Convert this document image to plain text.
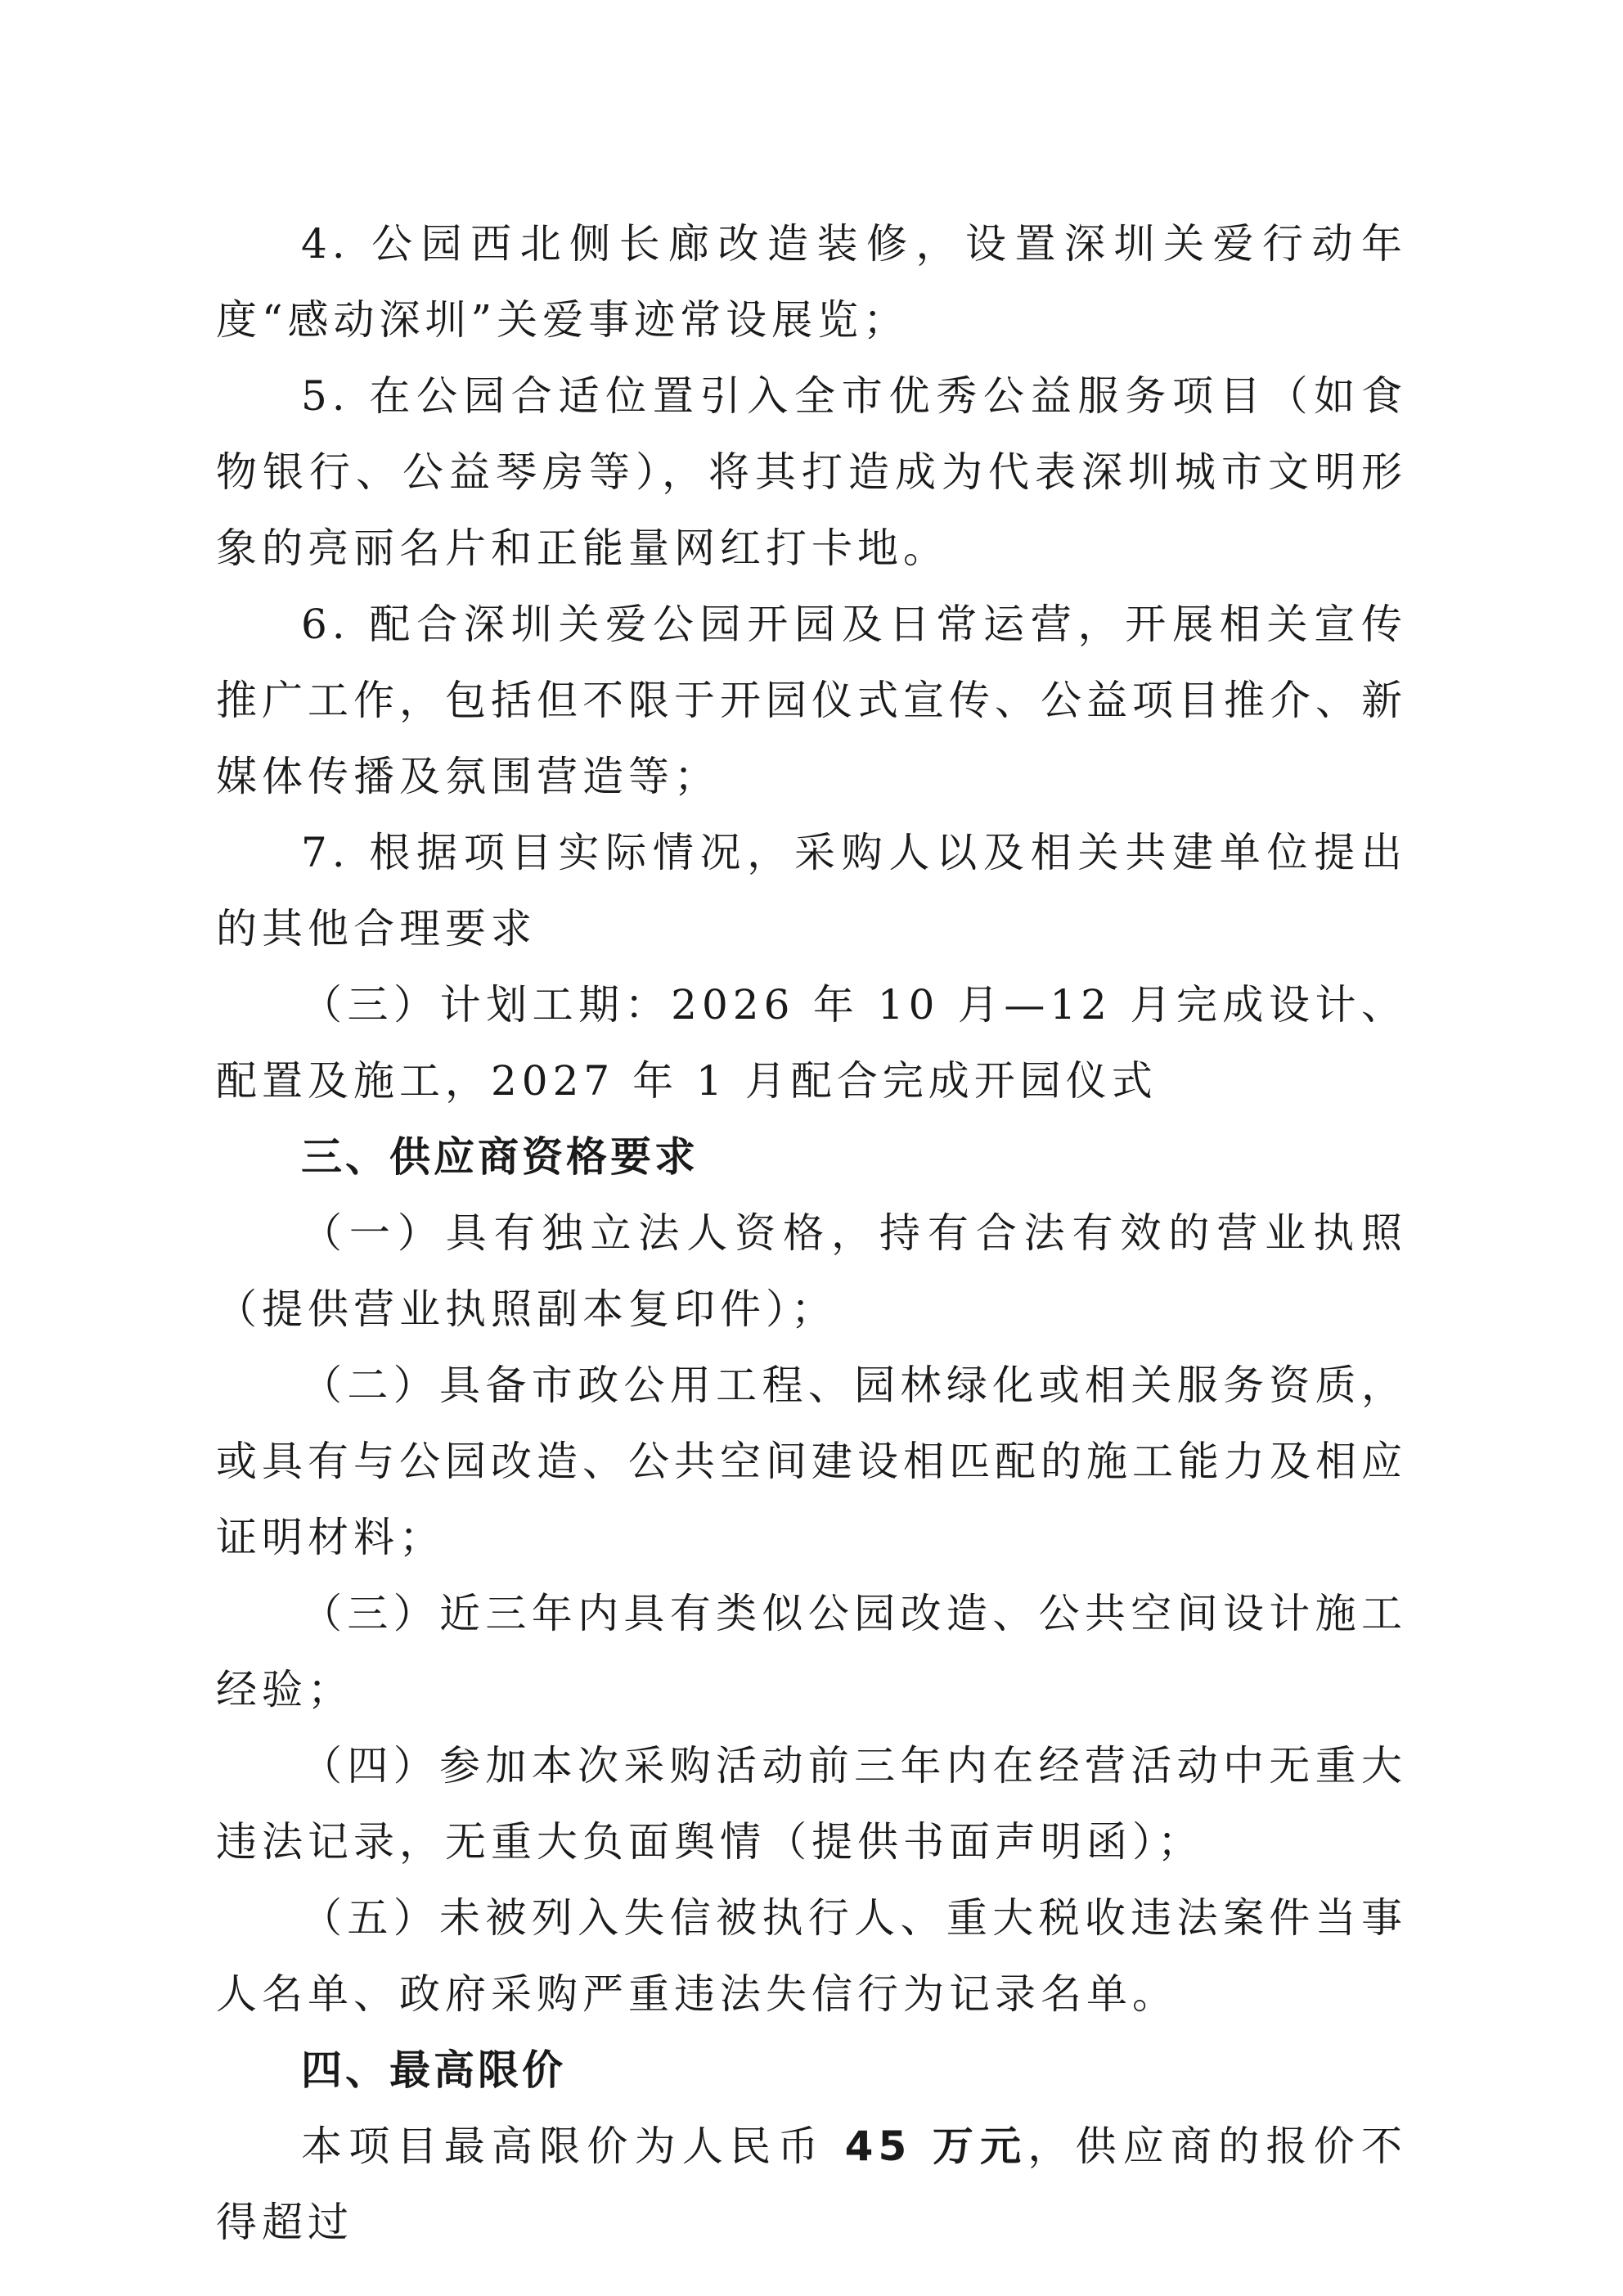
4. 公园西北侧长廊改造装修，设置深圳关爱行动年度“感动深圳”关爱事迹常设展览；

5. 在公园合适位置引入全市优秀公益服务项目（如食物银行、公益琴房等），将其打造成为代表深圳城市文明形象的亮丽名片和正能量网红打卡地。

6. 配合深圳关爱公园开园及日常运营，开展相关宣传推广工作，包括但不限于开园仪式宣传、公益项目推介、新媒体传播及氛围营造等；

7. 根据项目实际情况，采购人以及相关共建单位提出的其他合理要求

（三）计划工期：2026 年 10 月—12 月完成设计、配置及施工，2027 年 1 月配合完成开园仪式

三、供应商资格要求

（一）具有独立法人资格，持有合法有效的营业执照（提供营业执照副本复印件）；

（二）具备市政公用工程、园林绿化或相关服务资质，或具有与公园改造、公共空间建设相匹配的施工能力及相应证明材料；

（三）近三年内具有类似公园改造、公共空间设计施工经验；

（四）参加本次采购活动前三年内在经营活动中无重大违法记录，无重大负面舆情（提供书面声明函）；

（五）未被列入失信被执行人、重大税收违法案件当事人名单、政府采购严重违法失信行为记录名单。

四、最高限价

本项目最高限价为人民币 45 万元，供应商的报价不得超过
